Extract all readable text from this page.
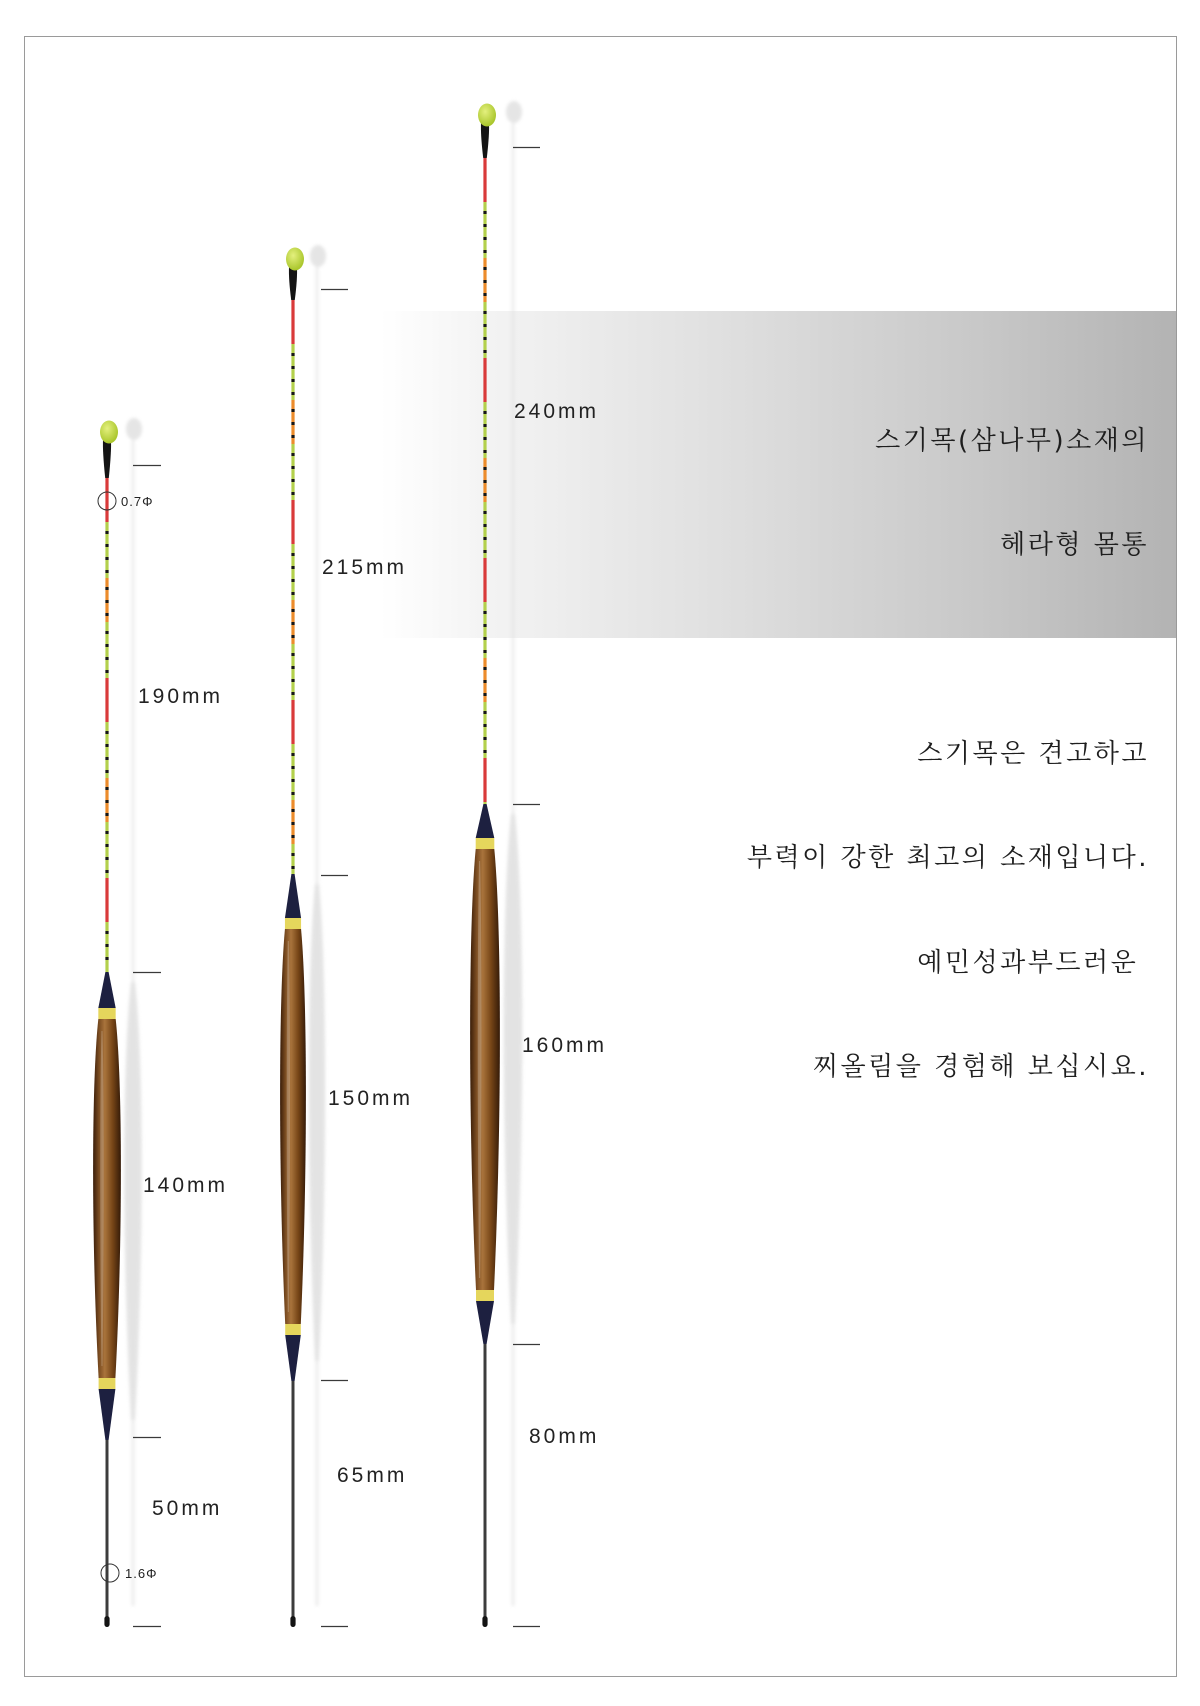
0.7Φ
190mm
140mm
50mm
1.6Φ
215mm
150mm
65mm
240mm
160mm
80mm

스기목(삼나무)소재의

헤라형 몸통

스기목은 견고하고

부력이 강한 최고의 소재입니다.

예민성과부드러운

찌올림을 경험해 보십시요.
